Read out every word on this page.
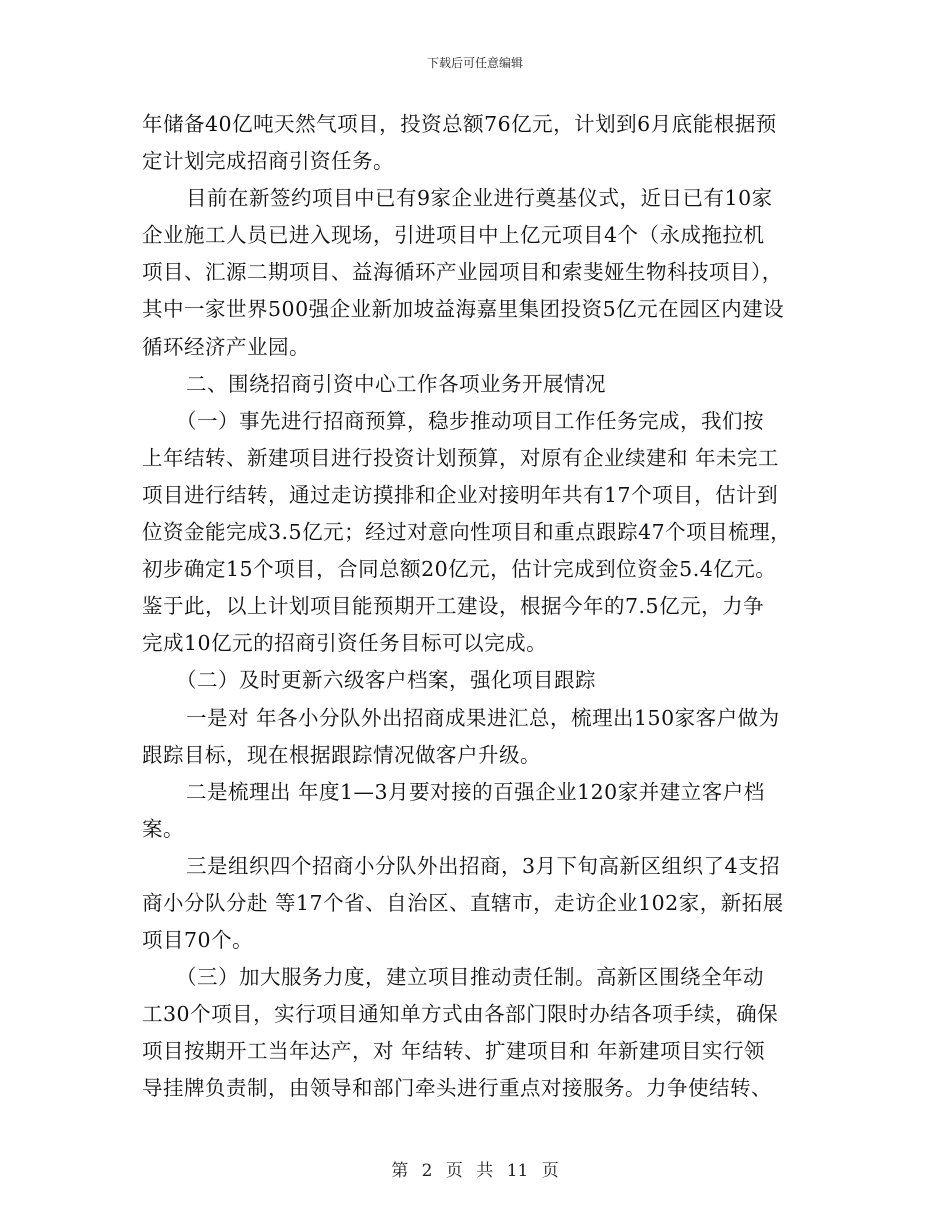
下载后可任意编辑
年储备40亿吨天然气项目，投资总额76亿元，计划到6月底能根据预
定计划完成招商引资任务。
目前在新签约项目中已有9家企业进行奠基仪式，近日已有10家
企业施工人员已进入现场，引进项目中上亿元项目4个（永成拖拉机
项目、汇源二期项目、益海循环产业园项目和索斐娅生物科技项目），
其中一家世界500强企业新加坡益海嘉里集团投资5亿元在园区内建设
循环经济产业园。
二、围绕招商引资中心工作各项业务开展情况
（一）事先进行招商预算，稳步推动项目工作任务完成，我们按
上年结转、新建项目进行投资计划预算，对原有企业续建和 年未完工
项目进行结转，通过走访摸排和企业对接明年共有17个项目，估计到
位资金能完成3.5亿元；经过对意向性项目和重点跟踪47个项目梳理，
初步确定15个项目，合同总额20亿元，估计完成到位资金5.4亿元。
鉴于此，以上计划项目能预期开工建设，根据今年的7.5亿元，力争
完成10亿元的招商引资任务目标可以完成。
（二）及时更新六级客户档案，强化项目跟踪
一是对 年各小分队外出招商成果进汇总，梳理出150家客户做为
跟踪目标，现在根据跟踪情况做客户升级。
二是梳理出 年度1—3月要对接的百强企业120家并建立客户档
案。
三是组织四个招商小分队外出招商，3月下旬高新区组织了4支招
商小分队分赴 等17个省、自治区、直辖市，走访企业102家，新拓展
项目70个。
（三）加大服务力度，建立项目推动责任制。高新区围绕全年动
工30个项目，实行项目通知单方式由各部门限时办结各项手续，确保
项目按期开工当年达产，对 年结转、扩建项目和 年新建项目实行领
导挂牌负责制，由领导和部门牵头进行重点对接服务。力争使结转、
第 2 页 共 11 页
